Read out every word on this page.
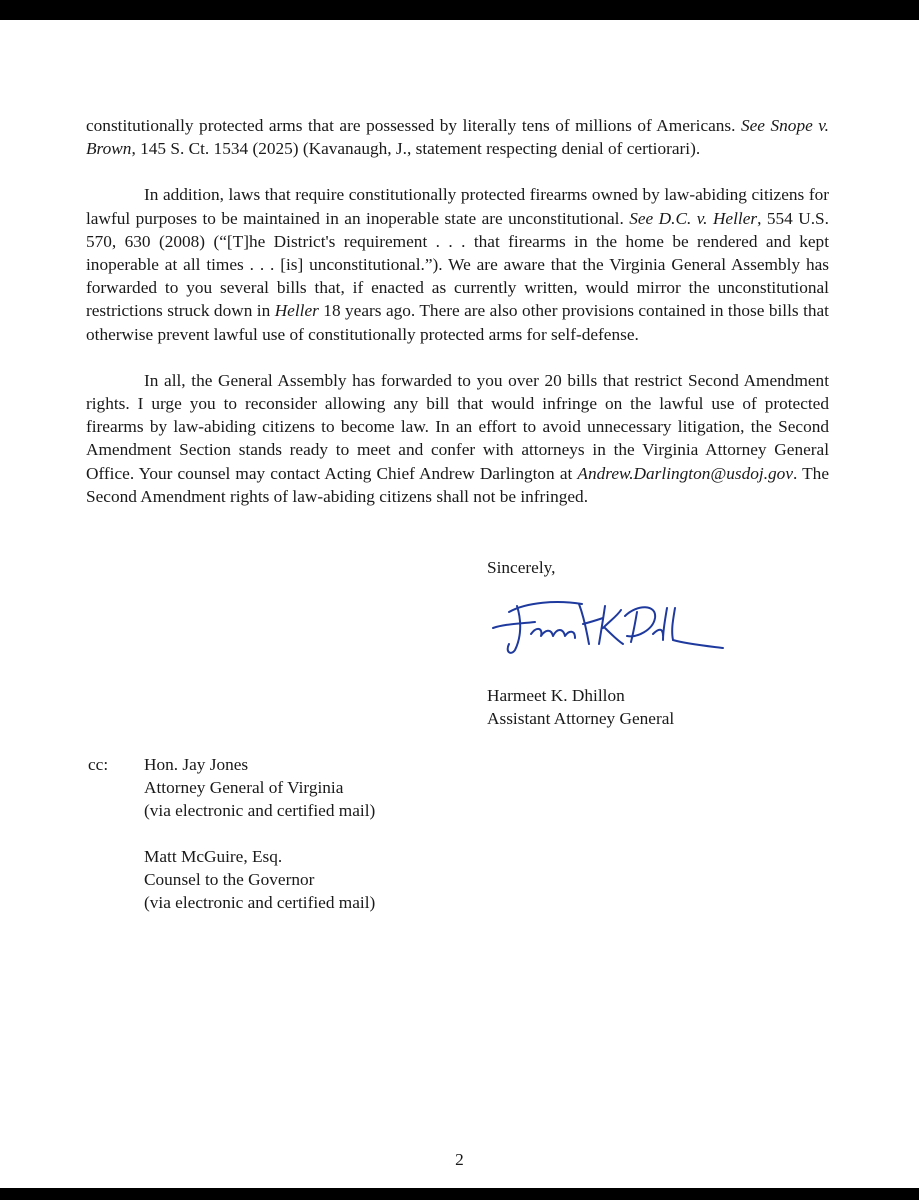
constitutionally protected arms that are possessed by literally tens of millions of Americans. See Snope v. Brown, 145 S. Ct. 1534 (2025) (Kavanaugh, J., statement respecting denial of certiorari).

In addition, laws that require constitutionally protected firearms owned by law-abiding citizens for lawful purposes to be maintained in an inoperable state are unconstitutional. See D.C. v. Heller, 554 U.S. 570, 630 (2008) (“[T]he District's requirement . . . that firearms in the home be rendered and kept inoperable at all times . . . [is] unconstitutional.”). We are aware that the Virginia General Assembly has forwarded to you several bills that, if enacted as currently written, would mirror the unconstitutional restrictions struck down in Heller 18 years ago. There are also other provisions contained in those bills that otherwise prevent lawful use of constitutionally protected arms for self-defense.

In all, the General Assembly has forwarded to you over 20 bills that restrict Second Amendment rights. I urge you to reconsider allowing any bill that would infringe on the lawful use of protected firearms by law-abiding citizens to become law. In an effort to avoid unnecessary litigation, the Second Amendment Section stands ready to meet and confer with attorneys in the Virginia Attorney General Office. Your counsel may contact Acting Chief Andrew Darlington at Andrew.Darlington@usdoj.gov. The Second Amendment rights of law-abiding citizens shall not be infringed.

Sincerely,
Harmeet K. Dhillon
Assistant Attorney General
cc: Hon. Jay Jones
Attorney General of Virginia
(via electronic and certified mail)
Matt McGuire, Esq.
Counsel to the Governor
(via electronic and certified mail)
2
